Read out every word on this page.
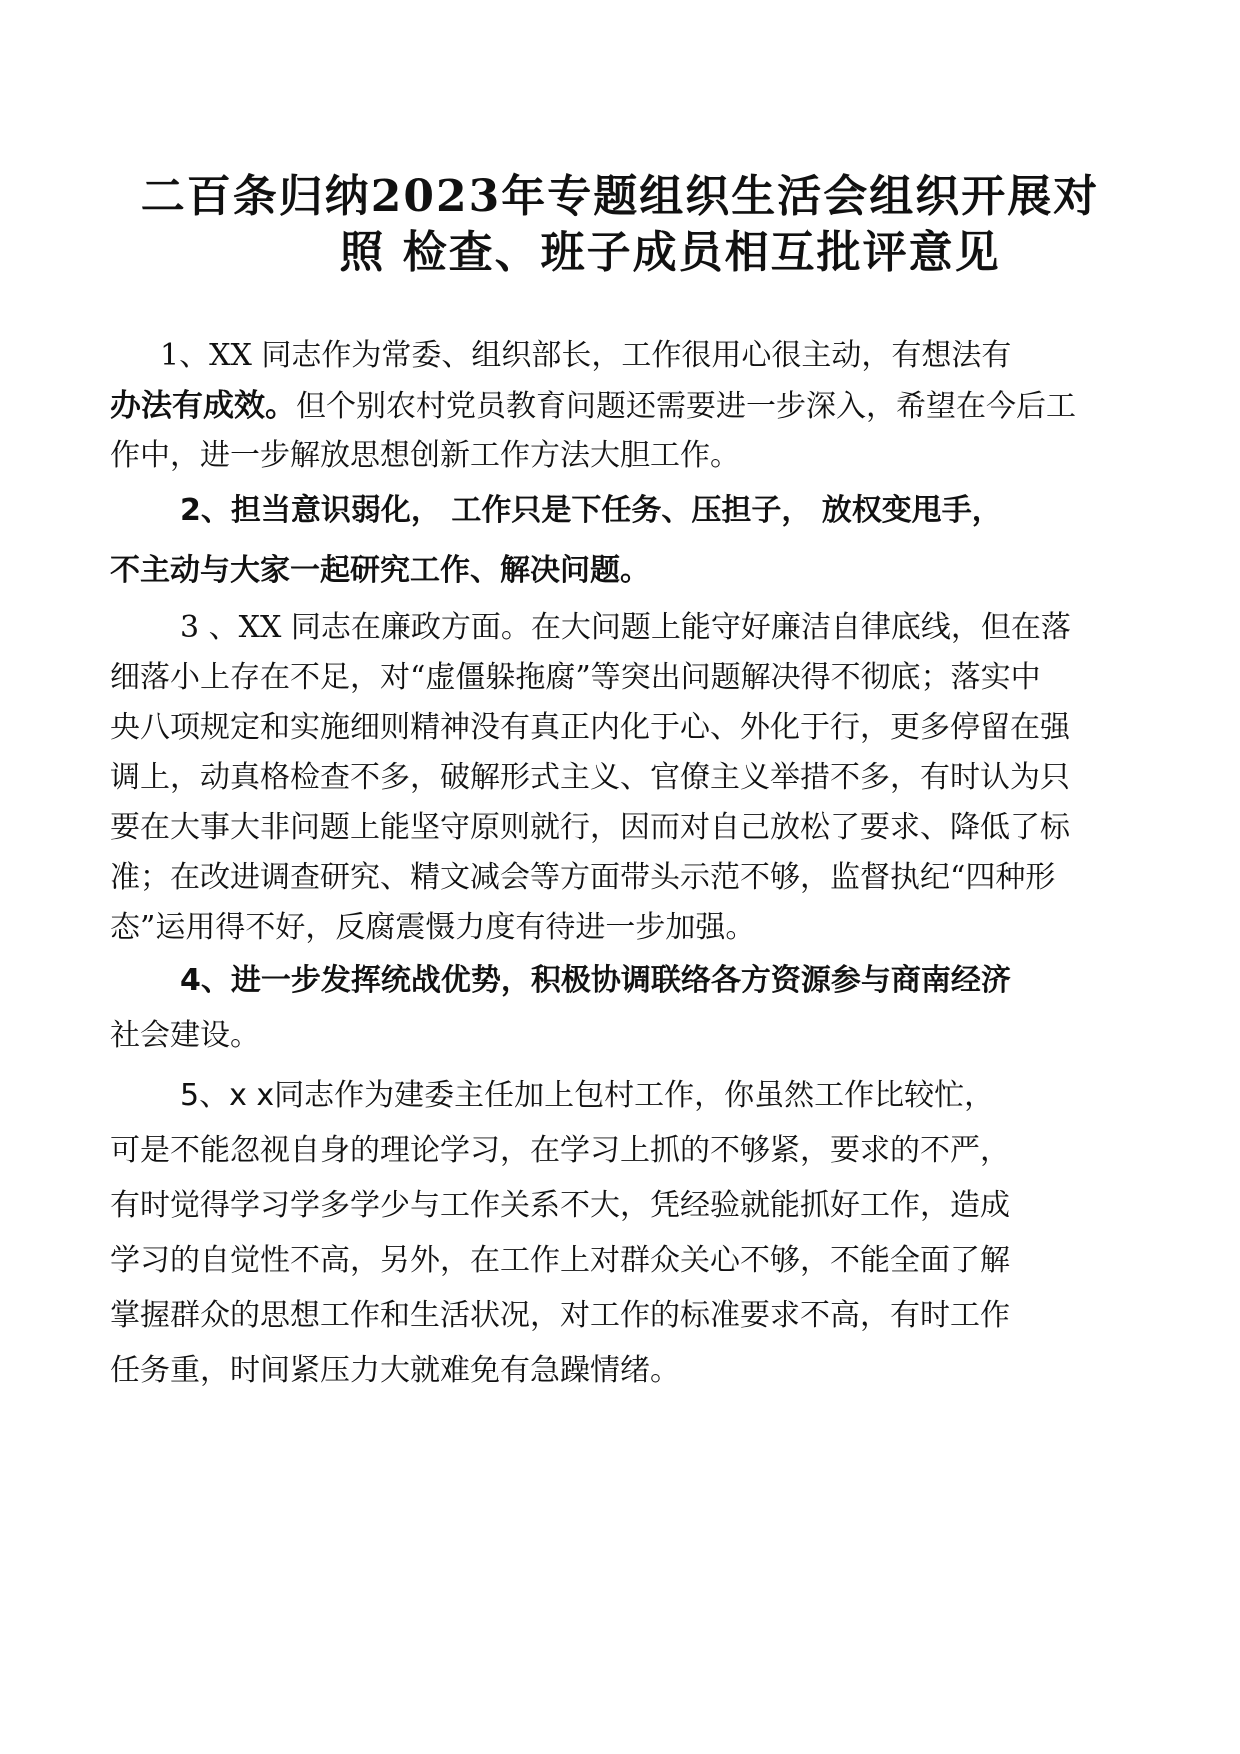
二百条归纳2023年专题组织生活会组织开展对
照 检查、班子成员相互批评意见
1、XX 同志作为常委、组织部长，工作很用心很主动，有想法有
办法有成效。但个别农村党员教育问题还需要进一步深入，希望在今后工
作中，进一步解放思想创新工作方法大胆工作。
2、担当意识弱化， 工作只是下任务、压担子， 放权变甩手，
不主动与大家一起研究工作、解决问题。
3 、XX 同志在廉政方面。在大问题上能守好廉洁自律底线，但在落
细落小上存在不足，对“虚僵躲拖腐”等突出问题解决得不彻底；落实中
央八项规定和实施细则精神没有真正内化于心、外化于行，更多停留在强
调上，动真格检查不多，破解形式主义、官僚主义举措不多，有时认为只
要在大事大非问题上能坚守原则就行，因而对自己放松了要求、降低了标
准；在改进调查研究、精文减会等方面带头示范不够，监督执纪“四种形
态”运用得不好，反腐震慑力度有待进一步加强。
4、进一步发挥统战优势，积极协调联络各方资源参与商南经济
社会建设。
5、x x同志作为建委主任加上包村工作，你虽然工作比较忙，
可是不能忽视自身的理论学习，在学习上抓的不够紧，要求的不严，
有时觉得学习学多学少与工作关系不大，凭经验就能抓好工作，造成
学习的自觉性不高，另外，在工作上对群众关心不够，不能全面了解
掌握群众的思想工作和生活状况，对工作的标准要求不高，有时工作
任务重，时间紧压力大就难免有急躁情绪。
